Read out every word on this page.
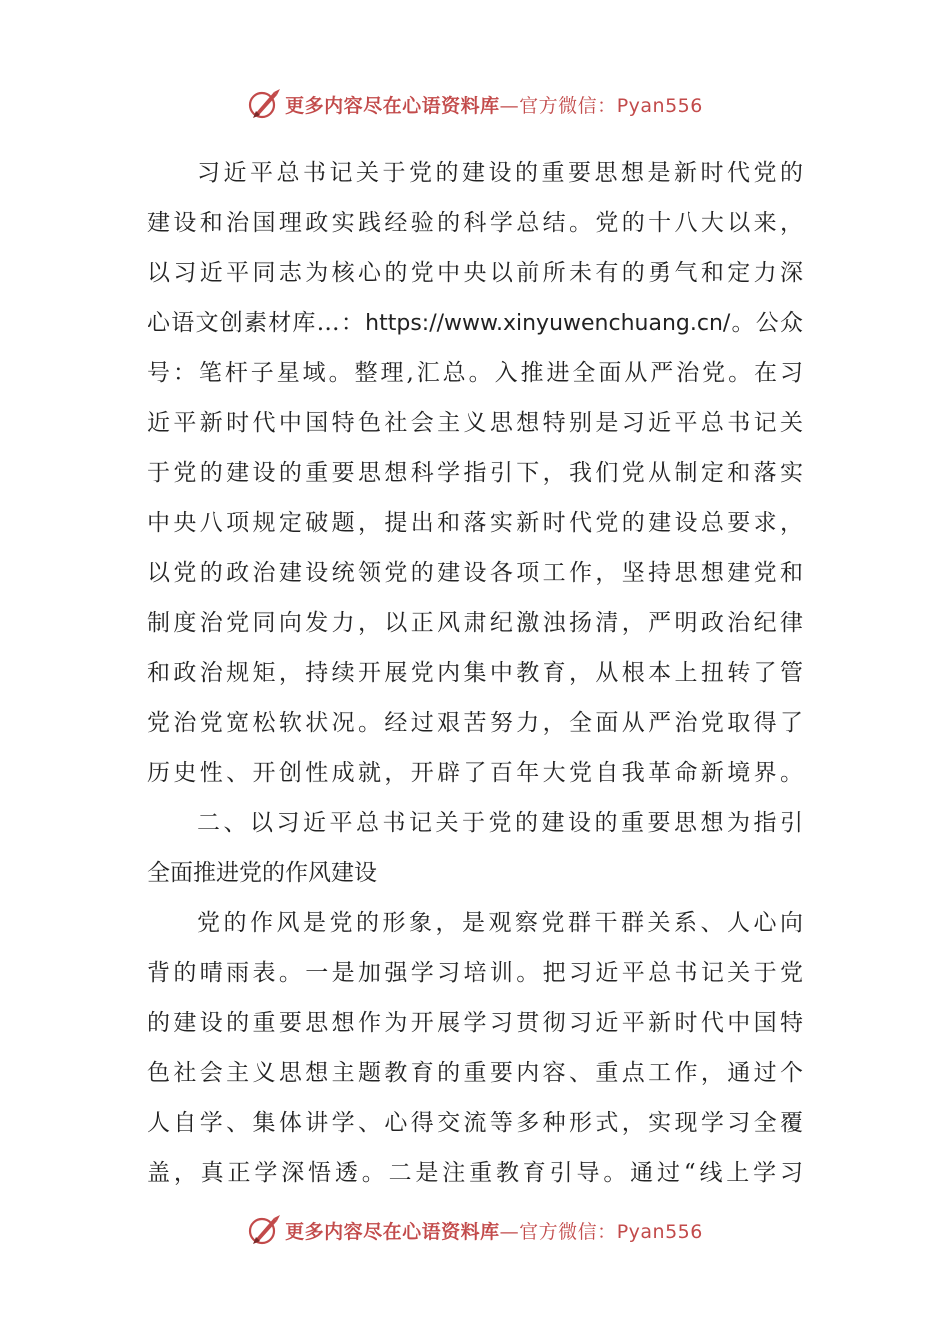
更多内容尽在心语资料库—官方微信：Pyan556
习近平总书记关于党的建设的重要思想是新时代党的
建设和治国理政实践经验的科学总结。党的十八大以来，
以习近平同志为核心的党中央以前所未有的勇气和定力深
心语文创素材库…：https://www.xinyuwenchuang.cn/。公众
号：笔杆子星域。整理,汇总。入推进全面从严治党。在习
近平新时代中国特色社会主义思想特别是习近平总书记关
于党的建设的重要思想科学指引下，我们党从制定和落实
中央八项规定破题，提出和落实新时代党的建设总要求，
以党的政治建设统领党的建设各项工作，坚持思想建党和
制度治党同向发力，以正风肃纪激浊扬清，严明政治纪律
和政治规矩，持续开展党内集中教育，从根本上扭转了管
党治党宽松软状况。经过艰苦努力，全面从严治党取得了
历史性、开创性成就，开辟了百年大党自我革命新境界。
二、以习近平总书记关于党的建设的重要思想为指引
全面推进党的作风建设
党的作风是党的形象，是观察党群干群关系、人心向
背的晴雨表。一是加强学习培训。把习近平总书记关于党
的建设的重要思想作为开展学习贯彻习近平新时代中国特
色社会主义思想主题教育的重要内容、重点工作，通过个
人自学、集体讲学、心得交流等多种形式，实现学习全覆
盖，真正学深悟透。二是注重教育引导。通过“线上学习
更多内容尽在心语资料库—官方微信：Pyan556
